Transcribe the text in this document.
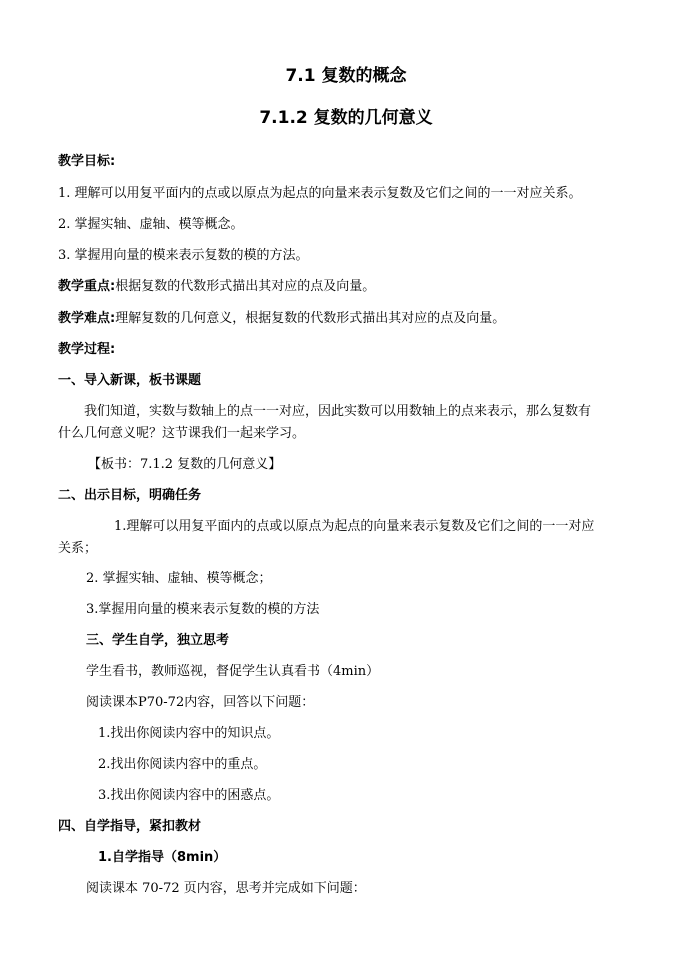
7.1 复数的概念
7.1.2 复数的几何意义
教学目标:
1. 理解可以用复平面内的点或以原点为起点的向量来表示复数及它们之间的一一对应关系。
2. 掌握实轴、虚轴、模等概念。
3. 掌握用向量的模来表示复数的模的方法。
教学重点:根据复数的代数形式描出其对应的点及向量。
教学难点:理解复数的几何意义，根据复数的代数形式描出其对应的点及向量。
教学过程:
一、导入新课，板书课题
我们知道，实数与数轴上的点一一对应，因此实数可以用数轴上的点来表示，那么复数有
什么几何意义呢？这节课我们一起来学习。
【板书：7.1.2 复数的几何意义】
二、出示目标，明确任务
1.理解可以用复平面内的点或以原点为起点的向量来表示复数及它们之间的一一对应
关系；
2. 掌握实轴、虚轴、模等概念；
3.掌握用向量的模来表示复数的模的方法
三、学生自学，独立思考
学生看书，教师巡视，督促学生认真看书（4min）
阅读课本P70-72内容，回答以下问题：
1.找出你阅读内容中的知识点。
2.找出你阅读内容中的重点。
3.找出你阅读内容中的困惑点。
四、自学指导，紧扣教材
1.自学指导（8min）
阅读课本 70-72 页内容，思考并完成如下问题：
